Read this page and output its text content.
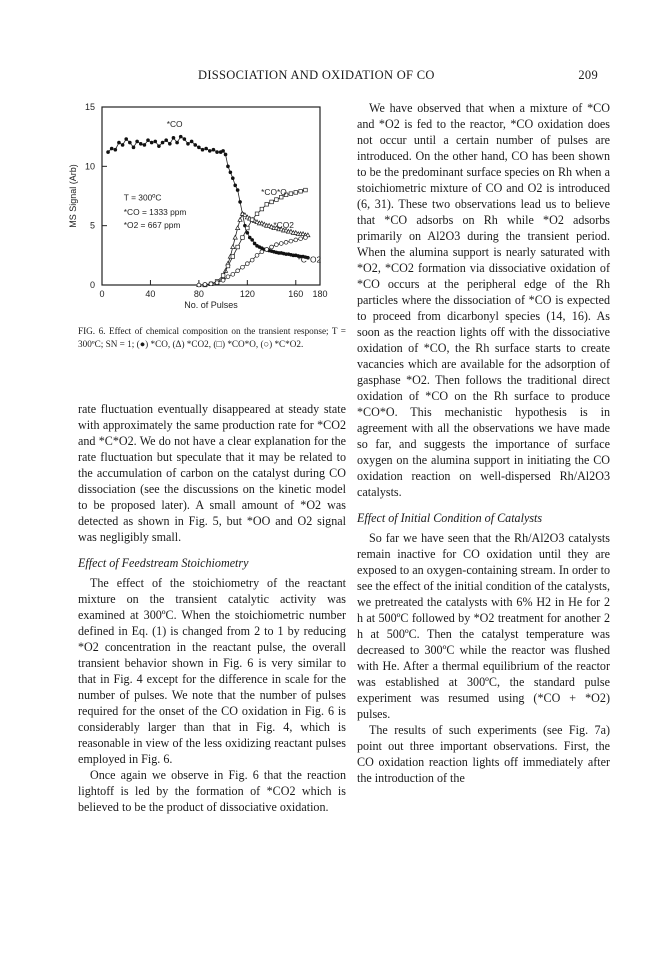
DISSOCIATION AND OXIDATION OF CO	209
0	40	80	120	160 180
0
5
10
15
No. of Pulses
MS Signal (Arb)
*CO
T = 300ºC
*CO = 1333 ppm
*O2 = 667 ppm
*CO*O
*CO2
*C*O2
FIG. 6. Effect of chemical composition on the transient response; T = 300ºC; SN = 1; (●) *CO, (Δ) *CO2, (□) *CO*O, (○) *C*O2.

rate fluctuation eventually disappeared at steady state with approximately the same production rate for *CO2 and *C*O2. We do not have a clear explanation for the rate fluctuation but speculate that it may be related to the accumulation of carbon on the catalyst during CO dissociation (see the discussions on the kinetic model to be proposed later). A small amount of *O2 was detected as shown in Fig. 5, but *OO and O2 signal was negligibly small.

Effect of Feedstream Stoichiometry

The effect of the stoichiometry of the reactant mixture on the transient catalytic activity was examined at 300ºC. When the stoichiometric number defined in Eq. (1) is changed from 2 to 1 by reducing *O2 concentration in the reactant pulse, the overall transient behavior shown in Fig. 6 is very similar to that in Fig. 4 except for the difference in scale for the number of pulses. We note that the number of pulses required for the onset of the CO oxidation in Fig. 6 is considerably larger than that in Fig. 4, which is reasonable in view of the less oxidizing reactant pulses employed in Fig. 6.

Once again we observe in Fig. 6 that the reaction lightoff is led by the formation of *CO2 which is believed to be the product of dissociative oxidation.

We have observed that when a mixture of *CO and *O2 is fed to the reactor, *CO oxidation does not occur until a certain number of pulses are introduced. On the other hand, CO has been shown to be the predominant surface species on Rh when a stoichiometric mixture of CO and O2 is introduced (6, 31). These two observations lead us to believe that *CO adsorbs on Rh while *O2 adsorbs primarily on Al2O3 during the transient period. When the alumina support is nearly saturated with *O2, *CO2 formation via dissociative oxidation of *CO occurs at the peripheral edge of the Rh particles where the dissociation of *CO is expected to proceed from dicarbonyl species (14, 16). As soon as the reaction lights off with the dissociative oxidation of *CO, the Rh surface starts to create vacancies which are available for the adsorption of gasphase *O2. Then follows the traditional direct oxidation of *CO on the Rh surface to produce *CO*O. This mechanistic hypothesis is in agreement with all the observations we have made so far, and suggests the importance of surface oxygen on the alumina support in initiating the CO oxidation reaction on well-dispersed Rh/Al2O3 catalysts.

Effect of Initial Condition of Catalysts

So far we have seen that the Rh/Al2O3 catalysts remain inactive for CO oxidation until they are exposed to an oxygen-containing stream. In order to see the effect of the initial condition of the catalysts, we pretreated the catalysts with 6% H2 in He for 2 h at 500ºC followed by *O2 treatment for another 2 h at 500ºC. Then the catalyst temperature was decreased to 300ºC while the reactor was flushed with He. After a thermal equilibrium of the reactor was established at 300ºC, the standard pulse experiment was resumed using (*CO + *O2) pulses.

The results of such experiments (see Fig. 7a) point out three important observations. First, the CO oxidation reaction lights off immediately after the introduction of the
